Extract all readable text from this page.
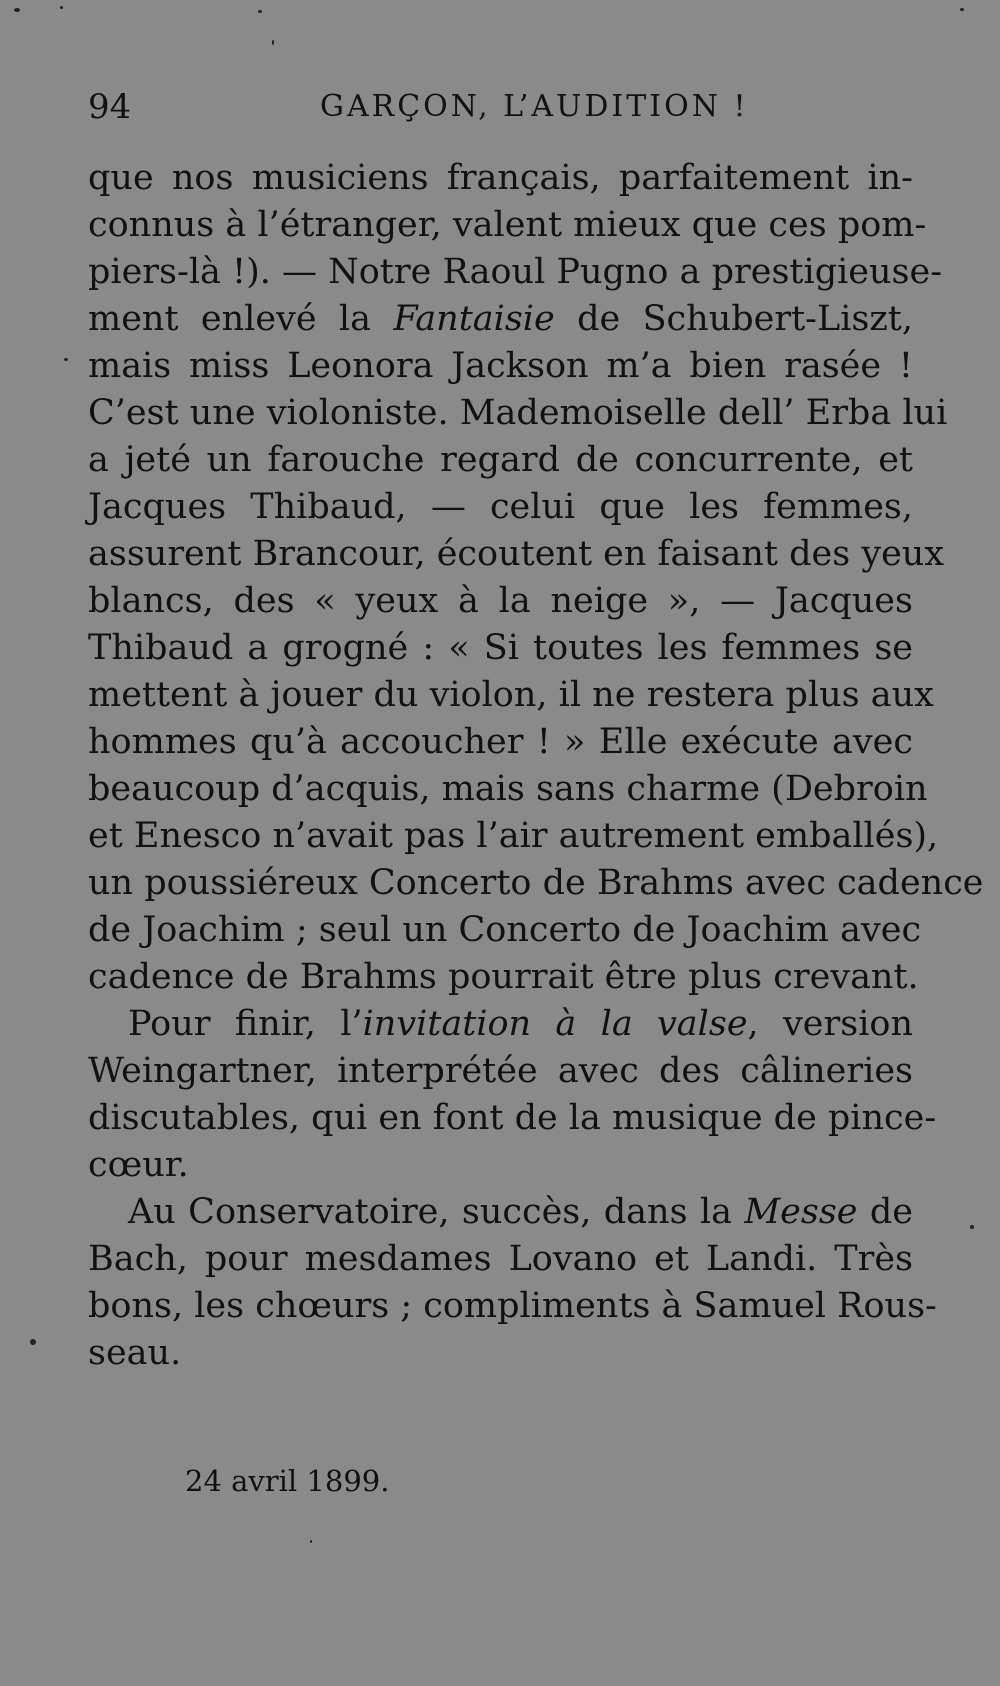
94	GARÇON, L’AUDITION !
que nos musiciens français, parfaitement in-
connus à l’étranger, valent mieux que ces pom-
piers-là !). — Notre Raoul Pugno a prestigieuse-
ment enlevé la Fantaisie de Schubert-Liszt,
mais miss Leonora Jackson m’a bien rasée !
C’est une violoniste. Mademoiselle dell’ Erba lui
a jeté un farouche regard de concurrente, et
Jacques Thibaud, — celui que les femmes,
assurent Brancour, écoutent en faisant des yeux
blancs, des « yeux à la neige », — Jacques
Thibaud a grogné : « Si toutes les femmes se
mettent à jouer du violon, il ne restera plus aux
hommes qu’à accoucher ! » Elle exécute avec
beaucoup d’acquis, mais sans charme (Debroin
et Enesco n’avait pas l’air autrement emballés),
un poussiéreux Concerto de Brahms avec cadence
de Joachim ; seul un Concerto de Joachim avec
cadence de Brahms pourrait être plus crevant.
Pour finir, l’invitation à la valse, version
Weingartner, interprétée avec des câlineries
discutables, qui en font de la musique de pince-
cœur.
Au Conservatoire, succès, dans la Messe de
Bach, pour mesdames Lovano et Landi. Très
bons, les chœurs ; compliments à Samuel Rous-
seau.
24 avril 1899.
